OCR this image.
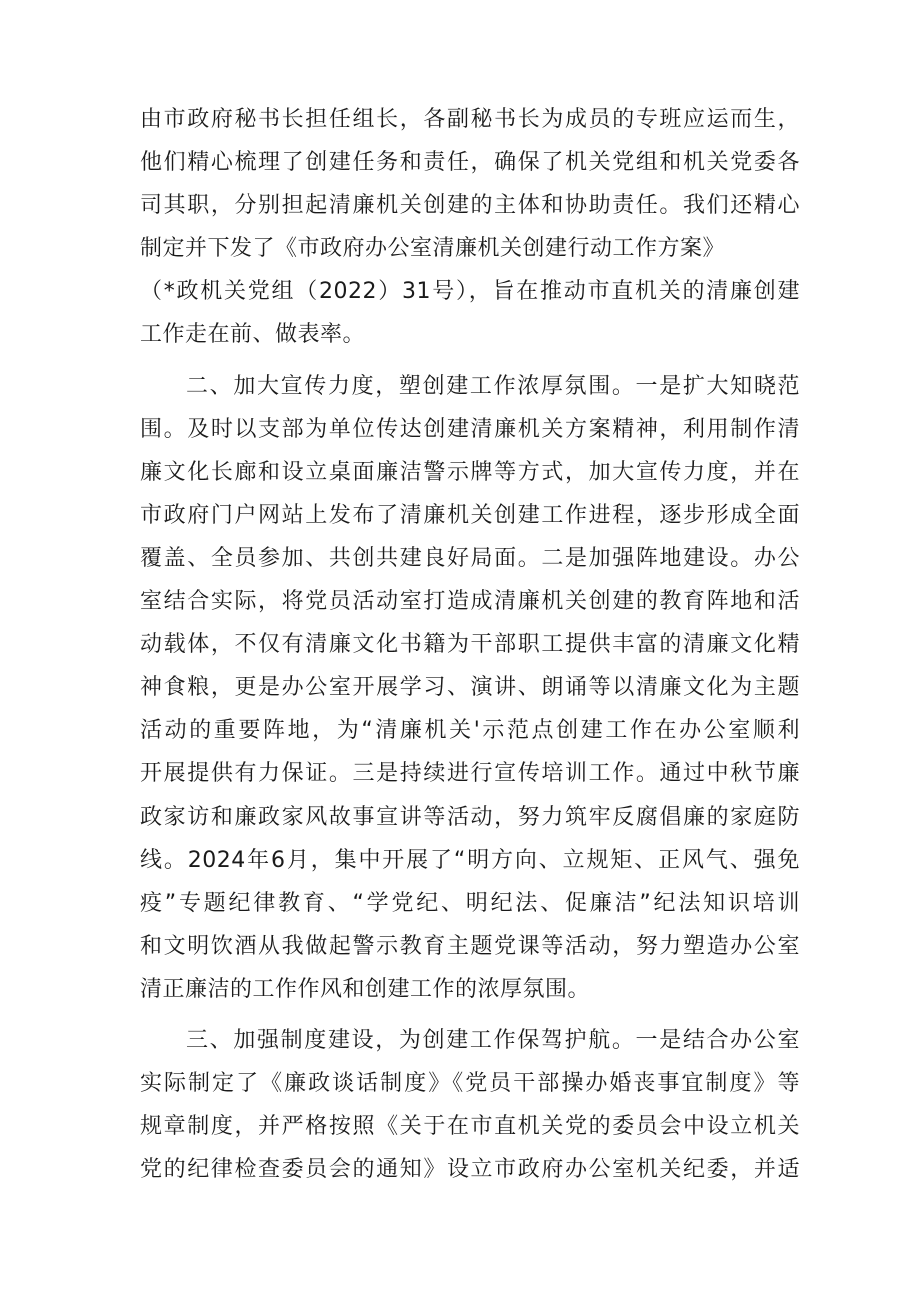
由市政府秘书长担任组长，各副秘书长为成员的专班应运而生，
他们精心梳理了创建任务和责任，确保了机关党组和机关党委各
司其职，分别担起清廉机关创建的主体和协助责任。我们还精心
制定并下发了《市政府办公室清廉机关创建行动工作方案》
（*政机关党组（2022）31号），旨在推动市直机关的清廉创建
工作走在前、做表率。
二、加大宣传力度，塑创建工作浓厚氛围。一是扩大知晓范
围。及时以支部为单位传达创建清廉机关方案精神，利用制作清
廉文化长廊和设立桌面廉洁警示牌等方式，加大宣传力度，并在
市政府门户网站上发布了清廉机关创建工作进程，逐步形成全面
覆盖、全员参加、共创共建良好局面。二是加强阵地建设。办公
室结合实际，将党员活动室打造成清廉机关创建的教育阵地和活
动载体，不仅有清廉文化书籍为干部职工提供丰富的清廉文化精
神食粮，更是办公室开展学习、演讲、朗诵等以清廉文化为主题
活动的重要阵地，为“清廉机关'示范点创建工作在办公室顺利
开展提供有力保证。三是持续进行宣传培训工作。通过中秋节廉
政家访和廉政家风故事宣讲等活动，努力筑牢反腐倡廉的家庭防
线。2024年6月，集中开展了“明方向、立规矩、正风气、强免
疫”专题纪律教育、“学党纪、明纪法、促廉洁”纪法知识培训
和文明饮酒从我做起警示教育主题党课等活动，努力塑造办公室
清正廉洁的工作作风和创建工作的浓厚氛围。
三、加强制度建设，为创建工作保驾护航。一是结合办公室
实际制定了《廉政谈话制度》《党员干部操办婚丧事宜制度》等
规章制度，并严格按照《关于在市直机关党的委员会中设立机关
党的纪律检查委员会的通知》设立市政府办公室机关纪委，并适
